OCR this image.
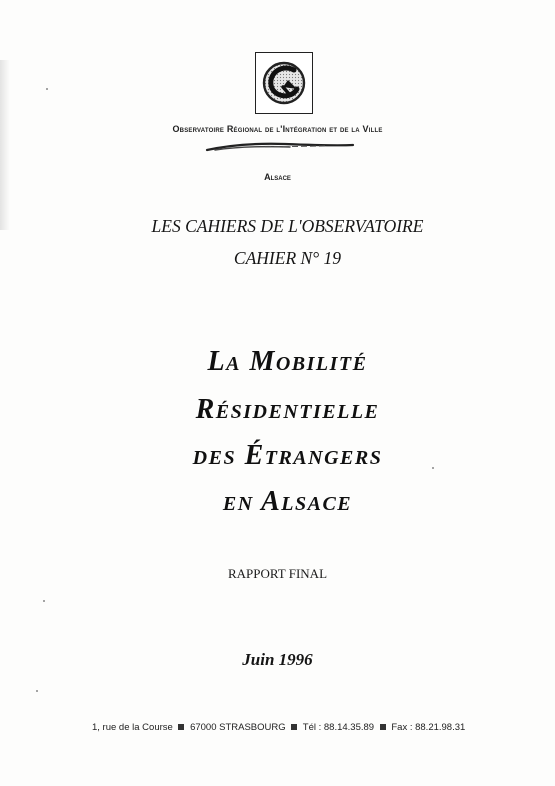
Observatoire Régional de l'Intégration et de la Ville
Alsace
LES CAHIERS DE L'OBSERVATOIRE
CAHIER N° 19
La Mobilité
Résidentielle
des Étrangers
en Alsace
RAPPORT FINAL
Juin 1996
1, rue de la Course 67000 STRASBOURG Tél : 88.14.35.89 Fax : 88.21.98.31
